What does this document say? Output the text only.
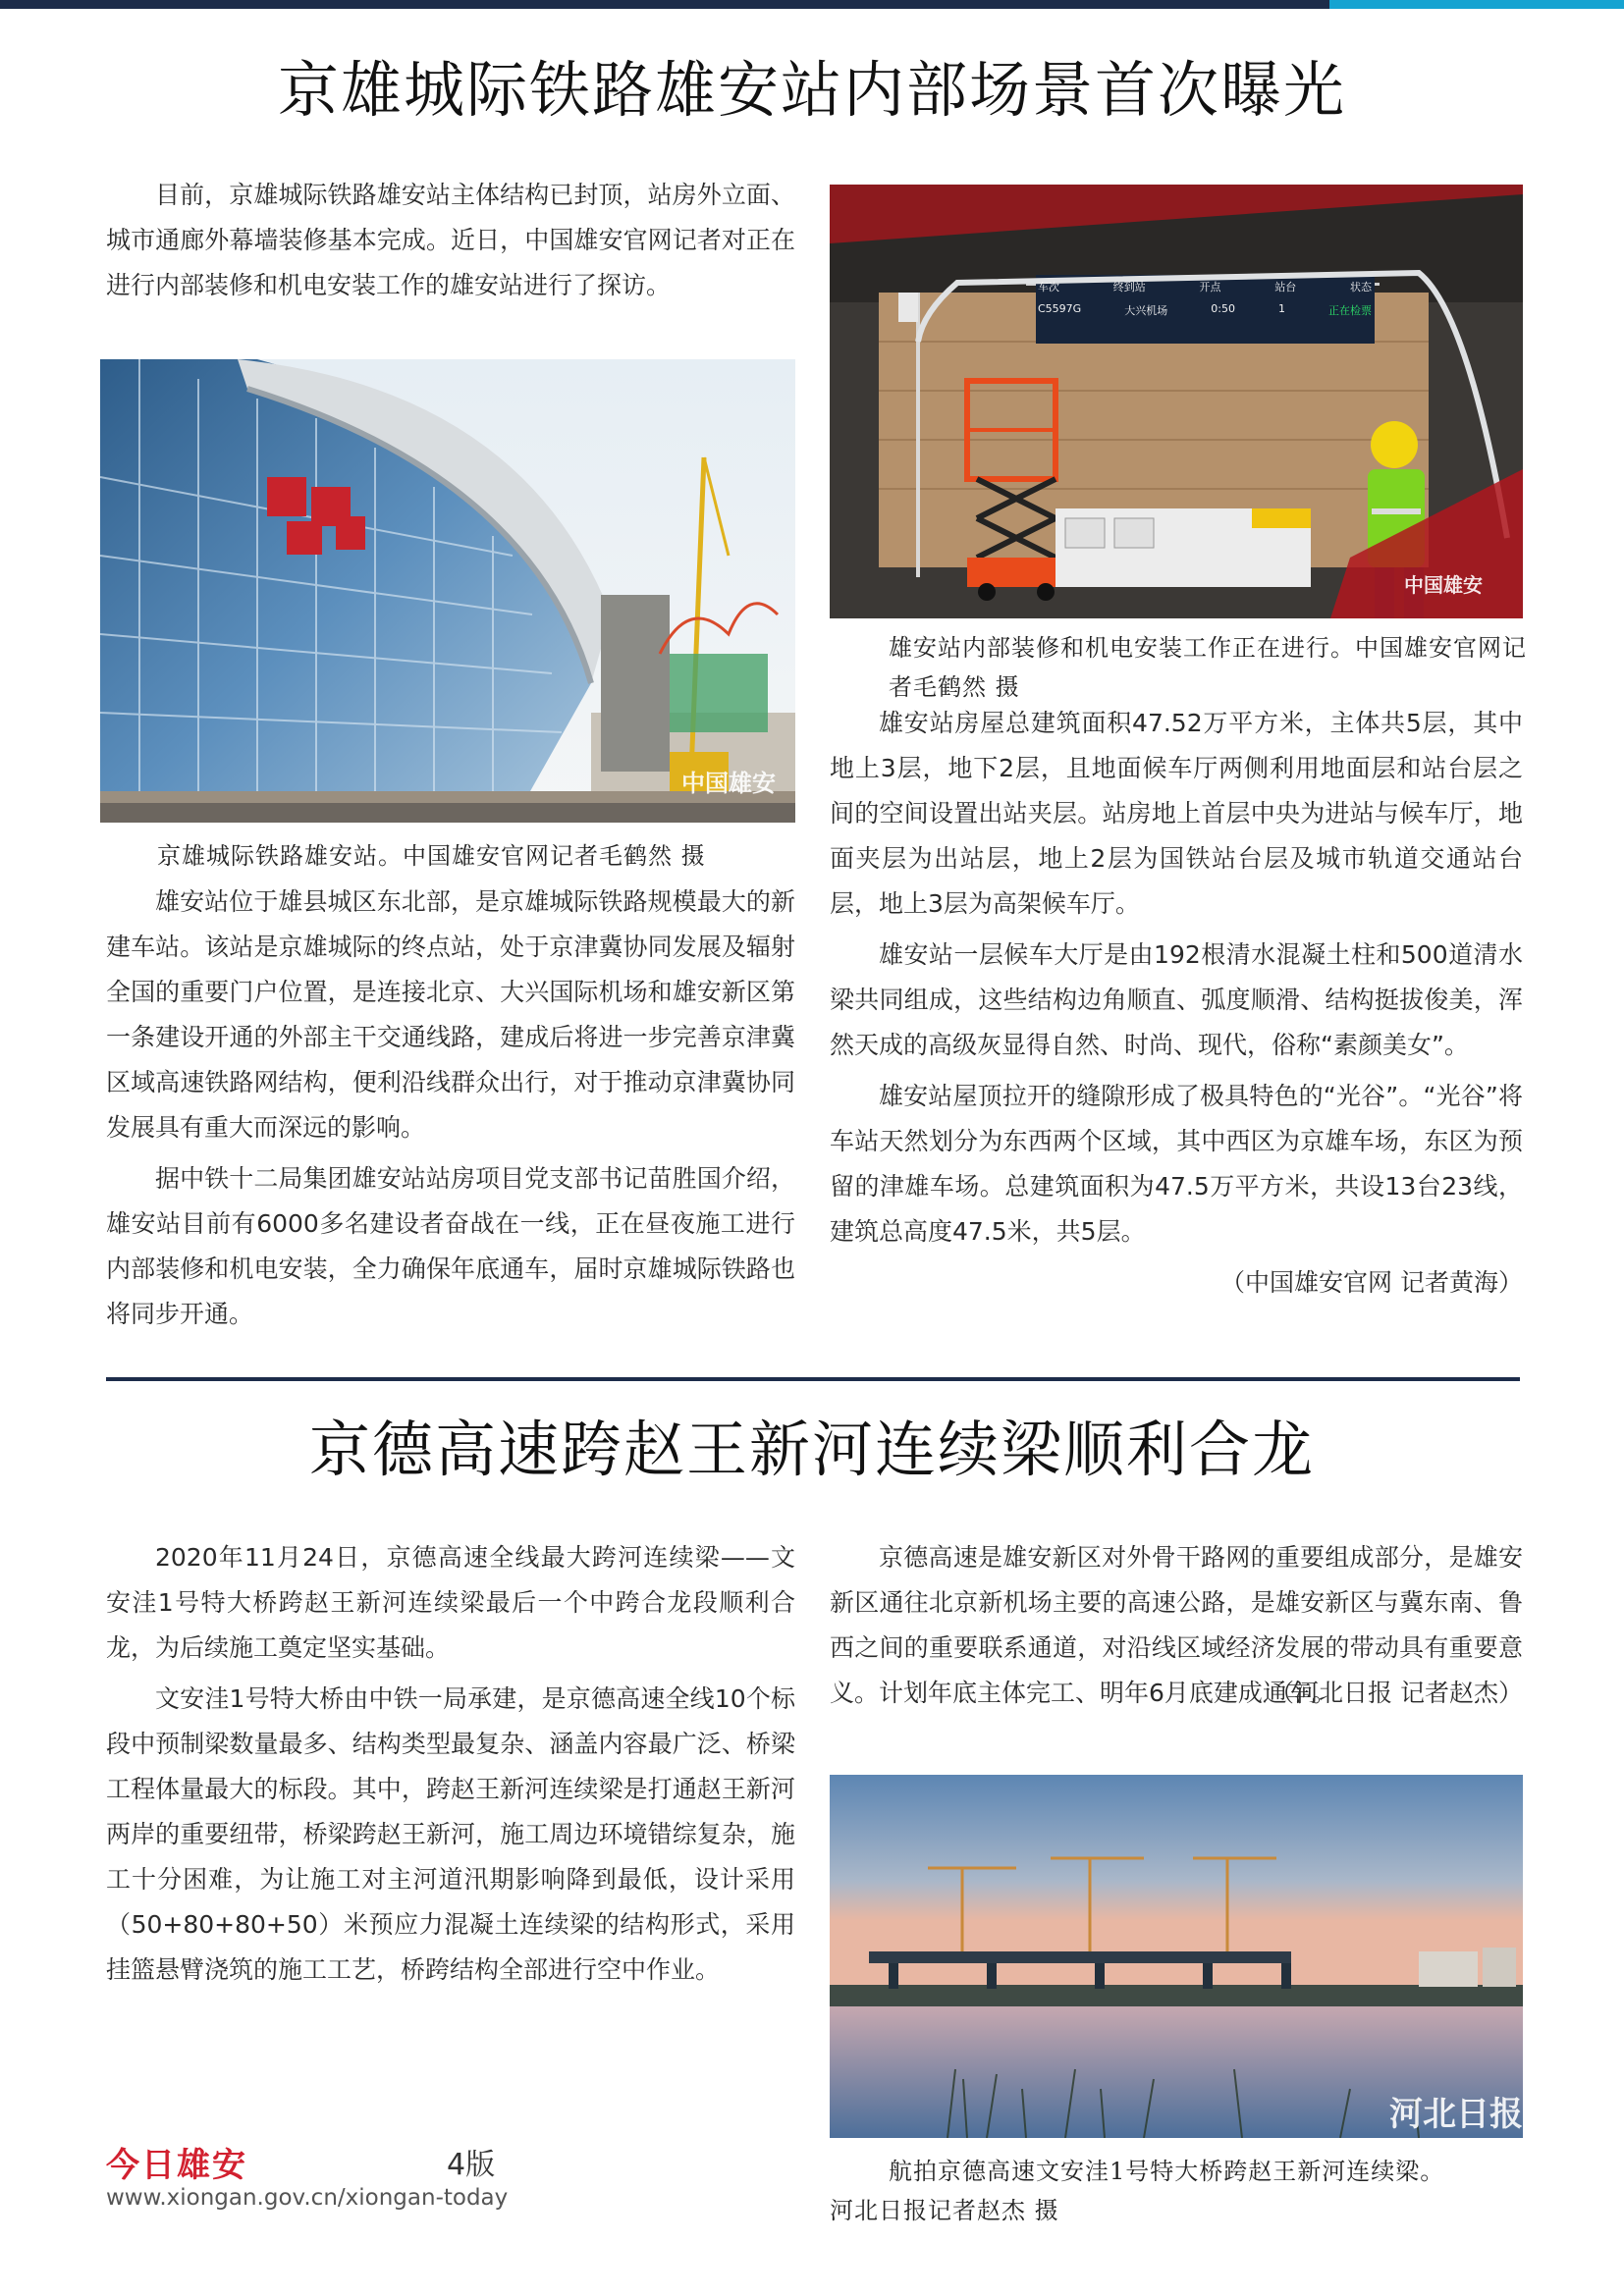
京雄城际铁路雄安站内部场景首次曝光

目前，京雄城际铁路雄安站主体结构已封顶，站房外立面、城市通廊外幕墙装修基本完成。近日，中国雄安官网记者对正在进行内部装修和机电安装工作的雄安站进行了探访。

中国雄安
京雄城际铁路雄安站。中国雄安官网记者毛鹤然 摄

雄安站位于雄县城区东北部，是京雄城际铁路规模最大的新建车站。该站是京雄城际的终点站，处于京津冀协同发展及辐射全国的重要门户位置，是连接北京、大兴国际机场和雄安新区第一条建设开通的外部主干交通线路，建成后将进一步完善京津冀区域高速铁路网结构，便利沿线群众出行，对于推动京津冀协同发展具有重大而深远的影响。

据中铁十二局集团雄安站站房项目党支部书记苗胜国介绍，雄安站目前有6000多名建设者奋战在一线，正在昼夜施工进行内部装修和机电安装，全力确保年底通车，届时京雄城际铁路也将同步开通。

车次	终到站	开点	站台	状态
C5597G	大兴机场	0:50	1	正在检票
中国雄安
雄安站内部装修和机电安装工作正在进行。中国雄安官网记者毛鹤然 摄

雄安站房屋总建筑面积47.52万平方米，主体共5层，其中地上3层，地下2层，且地面候车厅两侧利用地面层和站台层之间的空间设置出站夹层。站房地上首层中央为进站与候车厅，地面夹层为出站层，地上2层为国铁站台层及城市轨道交通站台层，地上3层为高架候车厅。

雄安站一层候车大厅是由192根清水混凝土柱和500道清水梁共同组成，这些结构边角顺直、弧度顺滑、结构挺拔俊美，浑然天成的高级灰显得自然、时尚、现代，俗称“素颜美女”。

雄安站屋顶拉开的缝隙形成了极具特色的“光谷”。“光谷”将车站天然划分为东西两个区域，其中西区为京雄车场，东区为预留的津雄车场。总建筑面积为47.5万平方米，共设13台23线，建筑总高度47.5米，共5层。

（中国雄安官网 记者黄海）

京德高速跨赵王新河连续梁顺利合龙

2020年11月24日，京德高速全线最大跨河连续梁——文安洼1号特大桥跨赵王新河连续梁最后一个中跨合龙段顺利合龙，为后续施工奠定坚实基础。

文安洼1号特大桥由中铁一局承建，是京德高速全线10个标段中预制梁数量最多、结构类型最复杂、涵盖内容最广泛、桥梁工程体量最大的标段。其中，跨赵王新河连续梁是打通赵王新河两岸的重要纽带，桥梁跨赵王新河，施工周边环境错综复杂，施工十分困难，为让施工对主河道汛期影响降到最低，设计采用（50+80+80+50）米预应力混凝土连续梁的结构形式，采用挂篮悬臂浇筑的施工工艺，桥跨结构全部进行空中作业。

京德高速是雄安新区对外骨干路网的重要组成部分，是雄安新区通往北京新机场主要的高速公路，是雄安新区与冀东南、鲁西之间的重要联系通道，对沿线区域经济发展的带动具有重要意义。计划年底主体完工、明年6月底建成通车。

（河北日报 记者赵杰）

河北日报
航拍京德高速文安洼1号特大桥跨赵王新河连续梁。
河北日报记者赵杰 摄
今日雄安	4版
www.xiongan.gov.cn/xiongan-today
